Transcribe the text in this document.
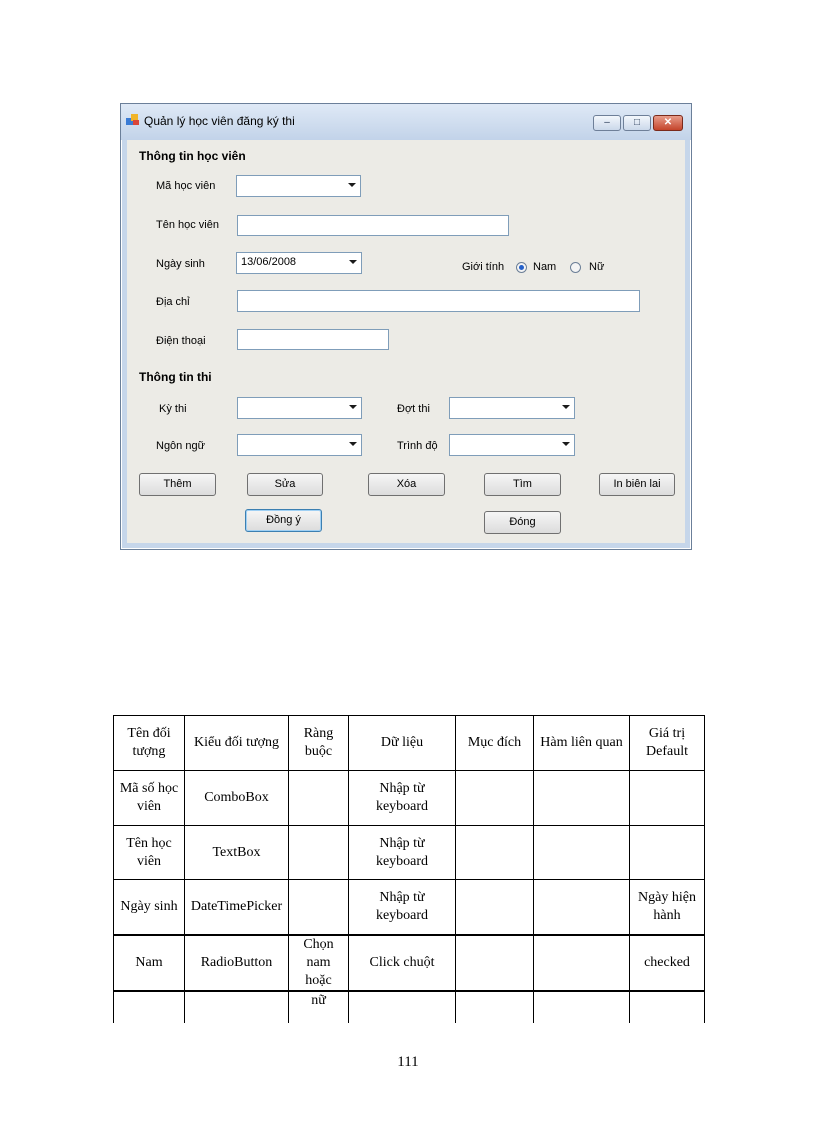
Quản lý học viên đăng ký thi	–	□	✕
Thông tin học viên
Mã học viên
Tên học viên
Ngày sinh	13/06/2008	Giới tính	Nam	Nữ
Địa chỉ
Điện thoại
Thông tin thi
Kỳ thi	Đợt thi
Ngôn ngữ	Trình độ
Thêm	Sửa	Xóa	Tìm	In biên lai
Đồng ý	Đóng
Tên đối tượng	Kiểu đối tượng	Ràng buộc	Dữ liệu	Mục đích	Hàm liên quan	Giá trị Default
Mã số học viên	ComboBox		Nhập từ keyboard			
Tên học viên	TextBox		Nhập từ keyboard			
Ngày sinh	DateTimePicker		Nhập từ keyboard			Ngày hiện hành
Nam	RadioButton	Chọn nam hoặc	Click chuột			checked
		nữ				
111
